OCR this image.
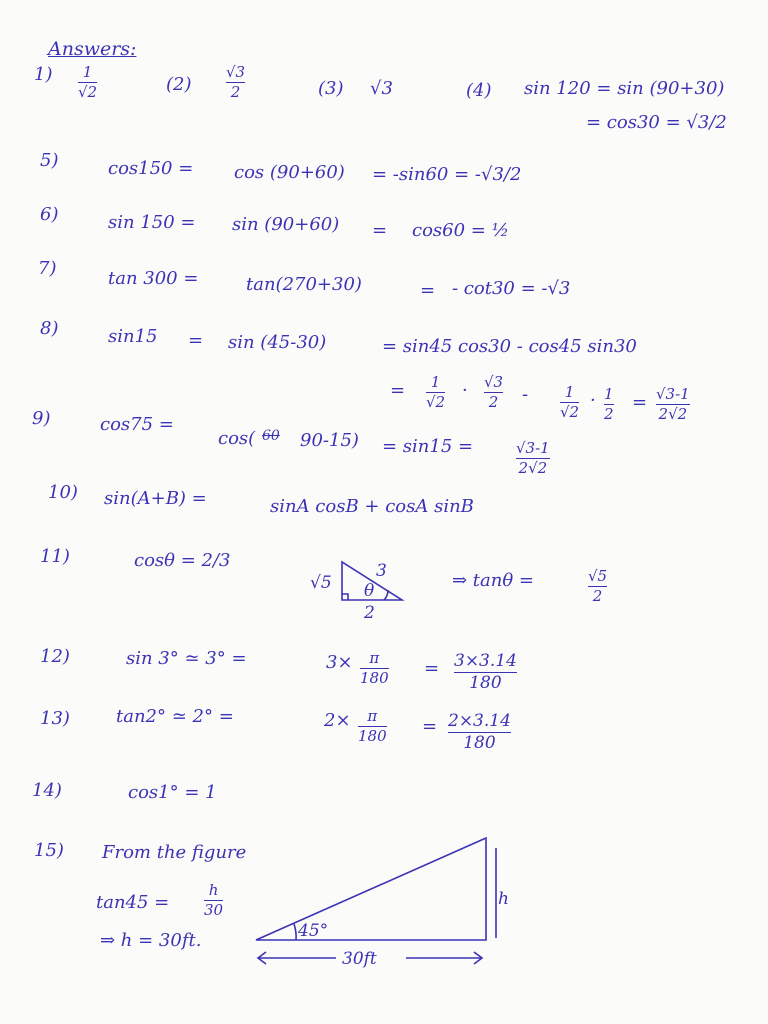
Answers:
1) 1
√2	(2)
√3
2	(3) √3	(4) sin 120 = sin (90+30)
= cos30 = √3/2
5)	cos150 = cos (90+60) = -sin60 = -√3/2
6)	sin 150 = sin (90+60) = cos60 = ½
7)	tan 300 =	tan(270+30)	= - cot30 = -√3
8)	sin15 = sin (45-30)	= sin45 cos30 - cos45 sin30
= 1
√2
· √3
2 - 1
√2
· 1
2
= √3-1
2√2
9)	cos75 =
cos( 60 90-15) = sin15 =	√3-1
2√2
10) sin(A+B) =	sinA cosB + cosA sinB
11)	cosθ = 2/3
√5
3
θ
2
⇒ tanθ =	√5
2
12)	sin 3° ≃ 3° =	3× π
180 = 3×3.14
180
13)	tan2° ≃ 2° =	2× π
180 = 2×3.14
180
14)	cos1° = 1
15) From the figure
tan45 =
h
30
⇒ h = 30ft.	45°
h
30ft
